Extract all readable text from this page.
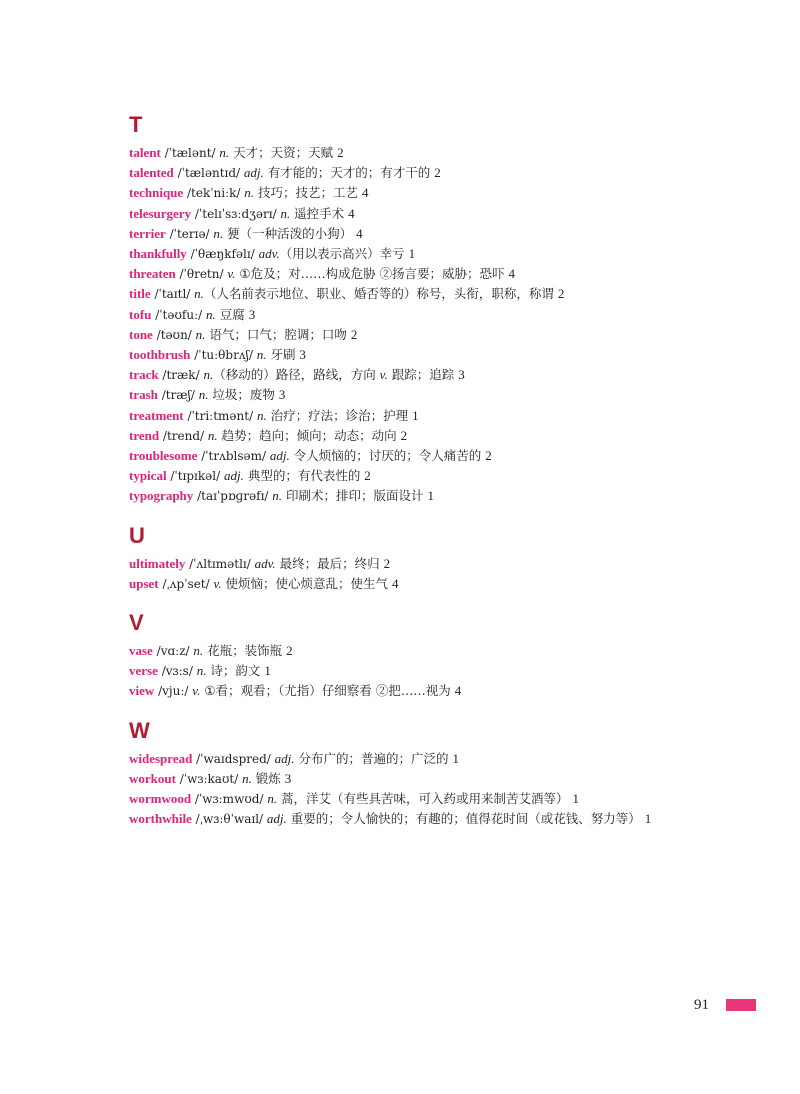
T

talent /ˈtælənt/ n. 天才；天资；天赋 2

talented /ˈtæləntɪd/ adj. 有才能的；天才的；有才干的 2

technique /tekˈniːk/ n. 技巧；技艺；工艺 4

telesurgery /ˈtelɪˈsɜːdʒərɪ/ n. 遥控手术 4

terrier /ˈterɪə/ n. 㹴（一种活泼的小狗） 4

thankfully /ˈθæŋkfəlɪ/ adv.（用以表示高兴）幸亏 1

threaten /ˈθretn/ v. ①危及；对……构成危胁 ②扬言要；威胁；恐吓 4

title /ˈtaɪtl/ n.（人名前表示地位、职业、婚否等的）称号，头衔，职称，称谓 2

tofu /ˈtəʊfuː/ n. 豆腐 3

tone /təʊn/ n. 语气；口气；腔调；口吻 2

toothbrush /ˈtuːθbrʌʃ/ n. 牙刷 3

track /træk/ n.（移动的）路径，路线，方向 v. 跟踪；追踪 3

trash /træʃ/ n. 垃圾；废物 3

treatment /ˈtriːtmənt/ n. 治疗；疗法；诊治；护理 1

trend /trend/ n. 趋势；趋向；倾向；动态；动向 2

troublesome /ˈtrʌblsəm/ adj. 令人烦恼的；讨厌的；令人痛苦的 2

typical /ˈtɪpɪkəl/ adj. 典型的；有代表性的 2

typography /taɪˈpɒɡrəfɪ/ n. 印刷术；排印；版面设计 1

U

ultimately /ˈʌltɪmətlɪ/ adv. 最终；最后；终归 2

upset /ˌʌpˈset/ v. 使烦恼；使心烦意乱；使生气 4

V

vase /vɑːz/ n. 花瓶；装饰瓶 2

verse /vɜːs/ n. 诗；韵文 1

view /vjuː/ v. ①看；观看；（尤指）仔细察看 ②把……视为 4

W

widespread /ˈwaɪdspred/ adj. 分布广的；普遍的；广泛的 1

workout /ˈwɜːkaʊt/ n. 锻炼 3

wormwood /ˈwɜːmwʊd/ n. 蒿，洋艾（有些具苦味，可入药或用来制苦艾酒等） 1

worthwhile /ˌwɜːθˈwaɪl/ adj. 重要的；令人愉快的；有趣的；值得花时间（或花钱、努力等） 1

91
